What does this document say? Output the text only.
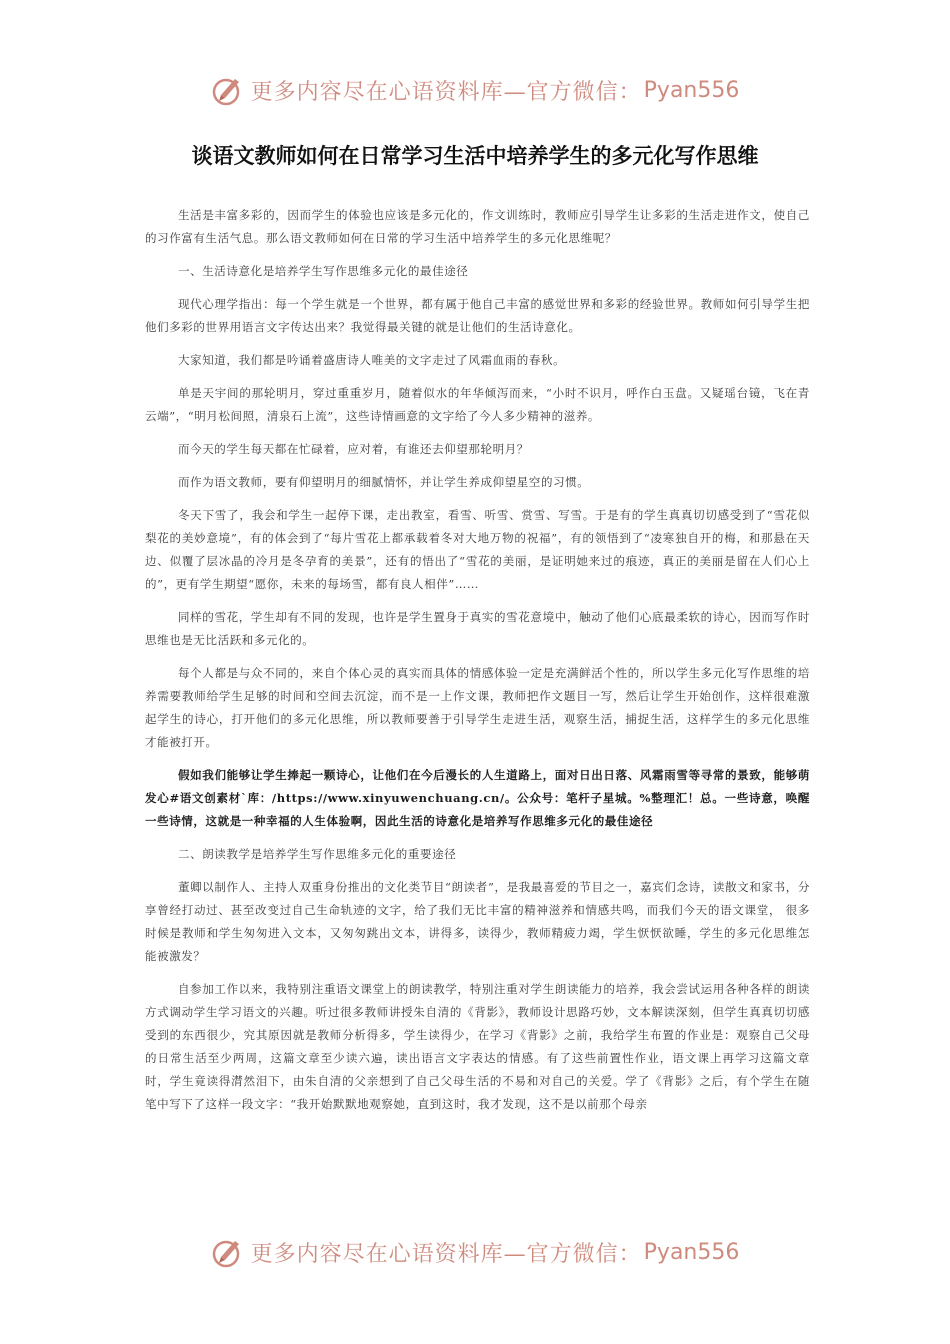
更多内容尽在心语资料库—官方微信： Pyan556
谈语文教师如何在日常学习生活中培养学生的多元化写作思维

生活是丰富多彩的，因而学生的体验也应该是多元化的，作文训练时，教师应引导学生让多彩的生活走进作文，使自己的习作富有生活气息。那么语文教师如何在日常的学习生活中培养学生的多元化思维呢？

一、生活诗意化是培养学生写作思维多元化的最佳途径

现代心理学指出：每一个学生就是一个世界，都有属于他自己丰富的感觉世界和多彩的经验世界。教师如何引导学生把他们多彩的世界用语言文字传达出来？我觉得最关键的就是让他们的生活诗意化。

大家知道，我们都是吟诵着盛唐诗人唯美的文字走过了风霜血雨的春秋。

单是天宇间的那轮明月，穿过重重岁月，随着似水的年华倾泻而来，“小时不识月，呼作白玉盘。又疑瑶台镜，飞在青云端”，“明月松间照，清泉石上流”，这些诗情画意的文字给了今人多少精神的滋养。

而今天的学生每天都在忙碌着，应对着，有谁还去仰望那轮明月？

而作为语文教师，要有仰望明月的细腻情怀，并让学生养成仰望星空的习惯。

冬天下雪了，我会和学生一起停下课，走出教室，看雪、听雪、赏雪、写雪。于是有的学生真真切切感受到了“雪花似梨花的美妙意境”，有的体会到了“每片雪花上都承载着冬对大地万物的祝福”，有的领悟到了“凌寒独自开的梅，和那悬在天边、似覆了层冰晶的冷月是冬孕育的美景”，还有的悟出了“雪花的美丽，是证明她来过的痕迹，真正的美丽是留在人们心上的”，更有学生期望“愿你，未来的每场雪，都有良人相伴”……

同样的雪花，学生却有不同的发现，也许是学生置身于真实的雪花意境中，触动了他们心底最柔软的诗心，因而写作时思维也是无比活跃和多元化的。

每个人都是与众不同的，来自个体心灵的真实而具体的情感体验一定是充满鲜活个性的，所以学生多元化写作思维的培养需要教师给学生足够的时间和空间去沉淀，而不是一上作文课，教师把作文题目一写，然后让学生开始创作，这样很难激起学生的诗心，打开他们的多元化思维，所以教师要善于引导学生走进生活，观察生活，捕捉生活，这样学生的多元化思维才能被打开。

假如我们能够让学生捧起一颗诗心，让他们在今后漫长的人生道路上，面对日出日落、风霜雨雪等寻常的景致，能够萌发心#语文创素材`库：/https://www.xinyuwenchuang.cn/。公众号：笔杆子星城。%整理汇！总。一些诗意，唤醒一些诗情，这就是一种幸福的人生体验啊，因此生活的诗意化是培养写作思维多元化的最佳途径

二、朗读教学是培养学生写作思维多元化的重要途径

董卿以制作人、主持人双重身份推出的文化类节目“朗读者”，是我最喜爱的节目之一，嘉宾们念诗，读散文和家书，分享曾经打动过、甚至改变过自己生命轨迹的文字，给了我们无比丰富的精神滋养和情感共鸣，而我们今天的语文课堂， 很多时候是教师和学生匆匆进入文本，又匆匆跳出文本，讲得多，读得少，教师精疲力竭，学生恹恹欲睡，学生的多元化思维怎能被激发？

自参加工作以来，我特别注重语文课堂上的朗读教学，特别注重对学生朗读能力的培养，我会尝试运用各种各样的朗读方式调动学生学习语文的兴趣。听过很多教师讲授朱自清的《背影》，教师设计思路巧妙，文本解读深刻，但学生真真切切感受到的东西很少，究其原因就是教师分析得多，学生读得少，在学习《背影》之前，我给学生布置的作业是：观察自己父母的日常生活至少两周，这篇文章至少读六遍，读出语言文字表达的情感。有了这些前置性作业，语文课上再学习这篇文章时，学生竟读得潸然泪下，由朱自清的父亲想到了自己父母生活的不易和对自己的关爱。学了《背影》之后，有个学生在随笔中写下了这样一段文字：“我开始默默地观察她，直到这时，我才发现，这不是以前那个母亲

更多内容尽在心语资料库—官方微信： Pyan556
